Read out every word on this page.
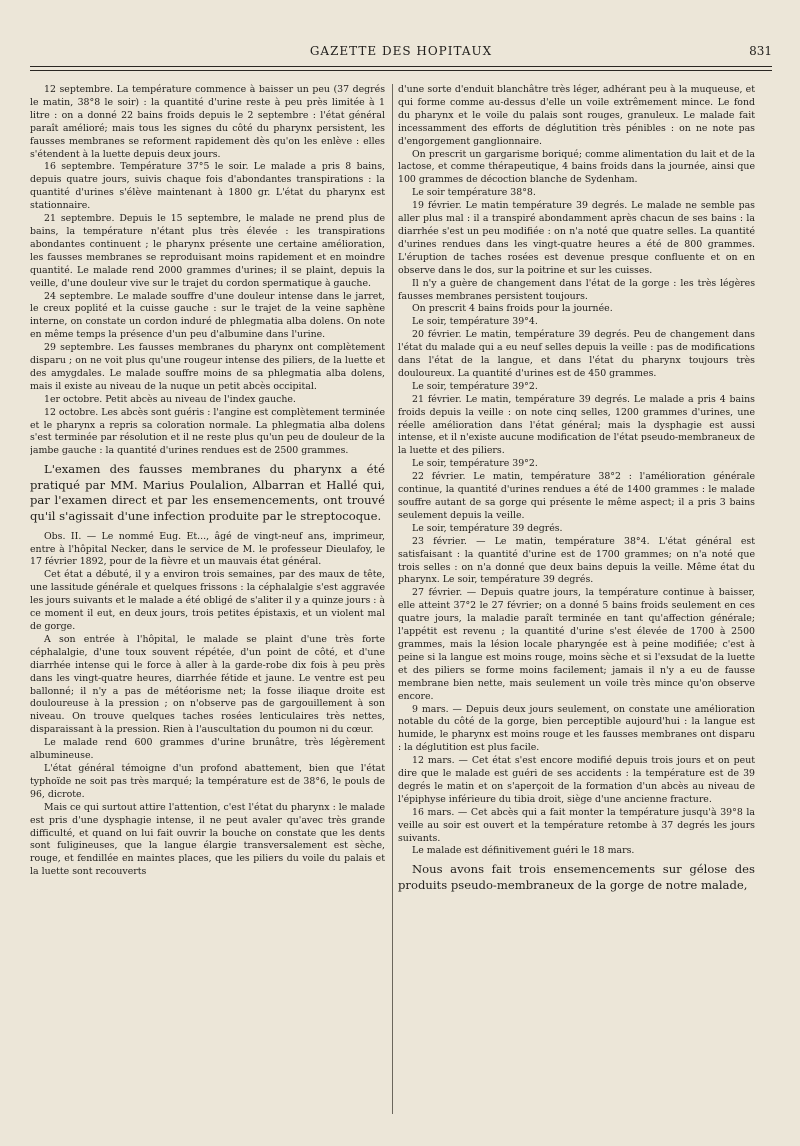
GAZETTE DES HOPITAUX	831

12 septembre. La température commence à baisser un peu (37 degrés le matin, 38°8 le soir) : la quantité d'urine reste à peu près limitée à 1 litre : on a donné 22 bains froids depuis le 2 septembre : l'état général paraît amélioré; mais tous les signes du côté du pharynx persistent, les fausses membranes se reforment rapidement dès qu'on les enlève : elles s'étendent à la luette depuis deux jours.

16 septembre. Température 37°5 le soir. Le malade a pris 8 bains, depuis quatre jours, suivis chaque fois d'abondantes transpirations : la quantité d'urines s'élève maintenant à 1800 gr. L'état du pharynx est stationnaire.

21 septembre. Depuis le 15 septembre, le malade ne prend plus de bains, la température n'étant plus très élevée : les transpirations abondantes continuent ; le pharynx présente une certaine amélioration, les fausses membranes se reproduisant moins rapidement et en moindre quantité. Le malade rend 2000 grammes d'urines; il se plaint, depuis la veille, d'une douleur vive sur le trajet du cordon spermatique à gauche.

24 septembre. Le malade souffre d'une douleur intense dans le jarret, le creux poplité et la cuisse gauche : sur le trajet de la veine saphène interne, on constate un cordon induré de phlegmatia alba dolens. On note en même temps la présence d'un peu d'albumine dans l'urine.

29 septembre. Les fausses membranes du pharynx ont complètement disparu ; on ne voit plus qu'une rougeur intense des piliers, de la luette et des amygdales. Le malade souffre moins de sa phlegmatia alba dolens, mais il existe au niveau de la nuque un petit abcès occipital.

1er octobre. Petit abcès au niveau de l'index gauche.

12 octobre. Les abcès sont guéris : l'angine est complètement terminée et le pharynx a repris sa coloration normale. La phlegmatia alba dolens s'est terminée par résolution et il ne reste plus qu'un peu de douleur de la jambe gauche : la quantité d'urines rendues est de 2500 grammes.

L'examen des fausses membranes du pharynx a été pratiqué par MM. Marius Poulalion, Albarran et Hallé qui, par l'examen direct et par les ensemencements, ont trouvé qu'il s'agissait d'une infection produite par le streptocoque.

Obs. II. — Le nommé Eug. Et..., âgé de vingt-neuf ans, imprimeur, entre à l'hôpital Necker, dans le service de M. le professeur Dieulafoy, le 17 février 1892, pour de la fièvre et un mauvais état général.

Cet état a débuté, il y a environ trois semaines, par des maux de tête, une lassitude générale et quelques frissons : la céphalalgie s'est aggravée les jours suivants et le malade a été obligé de s'aliter il y a quinze jours : à ce moment il eut, en deux jours, trois petites épistaxis, et un violent mal de gorge.

A son entrée à l'hôpital, le malade se plaint d'une très forte céphalalgie, d'une toux souvent répétée, d'un point de côté, et d'une diarrhée intense qui le force à aller à la garde-robe dix fois à peu près dans les vingt-quatre heures, diarrhée fétide et jaune. Le ventre est peu ballonné; il n'y a pas de météorisme net; la fosse iliaque droite est douloureuse à la pression ; on n'observe pas de gargouillement à son niveau. On trouve quelques taches rosées lenticulaires très nettes, disparaissant à la pression. Rien à l'auscultation du poumon ni du cœur.

Le malade rend 600 grammes d'urine brunâtre, très légèrement albumineuse.

L'état général témoigne d'un profond abattement, bien que l'état typhoïde ne soit pas très marqué; la température est de 38°6, le pouls de 96, dicrote.

Mais ce qui surtout attire l'attention, c'est l'état du pharynx : le malade est pris d'une dysphagie intense, il ne peut avaler qu'avec très grande difficulté, et quand on lui fait ouvrir la bouche on constate que les dents sont fuligineuses, que la langue élargie transversalement est sèche, rouge, et fendillée en maintes places, que les piliers du voile du palais et la luette sont recouverts

d'une sorte d'enduit blanchâtre très léger, adhérant peu à la muqueuse, et qui forme comme au-dessus d'elle un voile extrêmement mince. Le fond du pharynx et le voile du palais sont rouges, granuleux. Le malade fait incessamment des efforts de déglutition très pénibles : on ne note pas d'engorgement ganglionnaire.

On prescrit un gargarisme boriqué; comme alimentation du lait et de la lactose, et comme thérapeutique, 4 bains froids dans la journée, ainsi que 100 grammes de décoction blanche de Sydenham.

Le soir température 38°8.

19 février. Le matin température 39 degrés. Le malade ne semble pas aller plus mal : il a transpiré abondamment après chacun de ses bains : la diarrhée s'est un peu modifiée : on n'a noté que quatre selles. La quantité d'urines rendues dans les vingt-quatre heures a été de 800 grammes. L'éruption de taches rosées est devenue presque confluente et on en observe dans le dos, sur la poitrine et sur les cuisses.

Il n'y a guère de changement dans l'état de la gorge : les très légères fausses membranes persistent toujours.

On prescrit 4 bains froids pour la journée.

Le soir, température 39°4.

20 février. Le matin, température 39 degrés. Peu de changement dans l'état du malade qui a eu neuf selles depuis la veille : pas de modifications dans l'état de la langue, et dans l'état du pharynx toujours très douloureux. La quantité d'urines est de 450 grammes.

Le soir, température 39°2.

21 février. Le matin, température 39 degrés. Le malade a pris 4 bains froids depuis la veille : on note cinq selles, 1200 grammes d'urines, une réelle amélioration dans l'état général; mais la dysphagie est aussi intense, et il n'existe aucune modification de l'état pseudo-membraneux de la luette et des piliers.

Le soir, température 39°2.

22 février. Le matin, température 38°2 : l'amélioration générale continue, la quantité d'urines rendues a été de 1400 grammes : le malade souffre autant de sa gorge qui présente le même aspect; il a pris 3 bains seulement depuis la veille.

Le soir, température 39 degrés.

23 février. — Le matin, température 38°4. L'état général est satisfaisant : la quantité d'urine est de 1700 grammes; on n'a noté que trois selles : on n'a donné que deux bains depuis la veille. Même état du pharynx. Le soir, température 39 degrés.

27 février. — Depuis quatre jours, la température continue à baisser, elle atteint 37°2 le 27 février; on a donné 5 bains froids seulement en ces quatre jours, la maladie paraît terminée en tant qu'affection générale; l'appétit est revenu ; la quantité d'urine s'est élevée de 1700 à 2500 grammes, mais la lésion locale pharyngée est à peine modifiée; c'est à peine si la langue est moins rouge, moins sèche et si l'exsudat de la luette et des piliers se forme moins facilement; jamais il n'y a eu de fausse membrane bien nette, mais seulement un voile très mince qu'on observe encore.

9 mars. — Depuis deux jours seulement, on constate une amélioration notable du côté de la gorge, bien perceptible aujourd'hui : la langue est humide, le pharynx est moins rouge et les fausses membranes ont disparu : la déglutition est plus facile.

12 mars. — Cet état s'est encore modifié depuis trois jours et on peut dire que le malade est guéri de ses accidents : la température est de 39 degrés le matin et on s'aperçoit de la formation d'un abcès au niveau de l'épiphyse inférieure du tibia droit, siège d'une ancienne fracture.

16 mars. — Cet abcès qui a fait monter la température jusqu'à 39°8 la veille au soir est ouvert et la température retombe à 37 degrés les jours suivants.

Le malade est définitivement guéri le 18 mars.

Nous avons fait trois ensemencements sur gélose des produits pseudo-membraneux de la gorge de notre malade,
